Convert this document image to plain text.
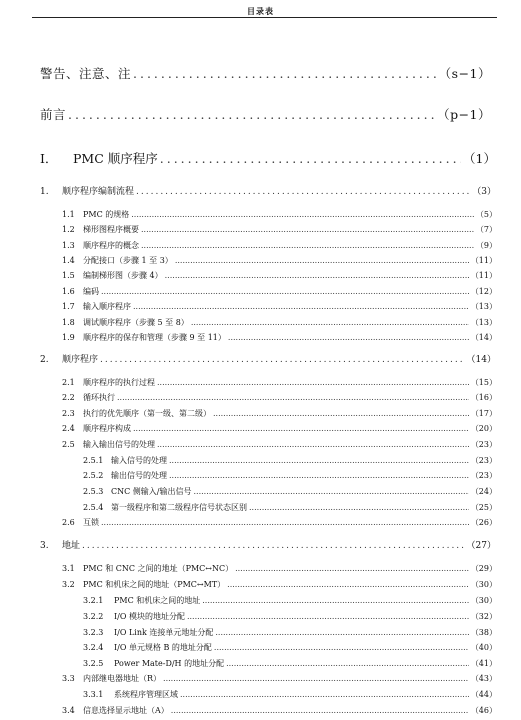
目录表
警告、注意、注 .....	（s−1）
前言 .....	（p−1）
I．	PMC 顺序程序 .....	（1）
1.	顺序程序编制流程 .....	（3）
1.1	PMC 的规格 .....	（5）
1.2	梯形图程序概要 .....	（7）
1.3	顺序程序的概念 .....	（9）
1.4	分配接口（步骤 1 至 3） .....	（11）
1.5	编制梯形图（步骤 4） .....	（11）
1.6	编码 .....	（12）
1.7	输入顺序程序 .....	（13）
1.8	调试顺序程序（步骤 5 至 8） .....	（13）
1.9	顺序程序的保存和管理（步骤 9 至 11） .....	（14）
2.	顺序程序 .....	（14）
2.1	顺序程序的执行过程 .....	（15）
2.2	循环执行 .....	（16）
2.3	执行的优先顺序（第一级、第二级） .....	（17）
2.4	顺序程序构成 .....	（20）
2.5	输入输出信号的处理 .....	（23）
2.5.1 输入信号的处理 .....	（23）
2.5.2 输出信号的处理 .....	（23）
2.5.3 CNC 侧输入/输出信号 .....	（24）
2.5.4 第一级程序和第二级程序信号状态区别 .....	（25）
2.6	互锁 .....	（26）
3.	地址 .....	（27）
3.1	PMC 和 CNC 之间的地址（PMC↔NC） .....	（29）
3.2	PMC 和机床之间的地址（PMC↔MT） .....	（30）
3.2.1	PMC 和机床之间的地址 .....	（30）
3.2.2	I/O 模块的地址分配 .....	（32）
3.2.3	I/O Link 连接单元地址分配 .....	（38）
3.2.4	I/O 单元规格 B 的地址分配 .....	（40）
3.2.5	Power Mate-D/H 的地址分配 .....	（41）
3.3	内部继电器地址（R） .....	（43）
3.3.1	系统程序管理区域 .....	（44）
3.4	信息选择显示地址（A） .....	（46）
